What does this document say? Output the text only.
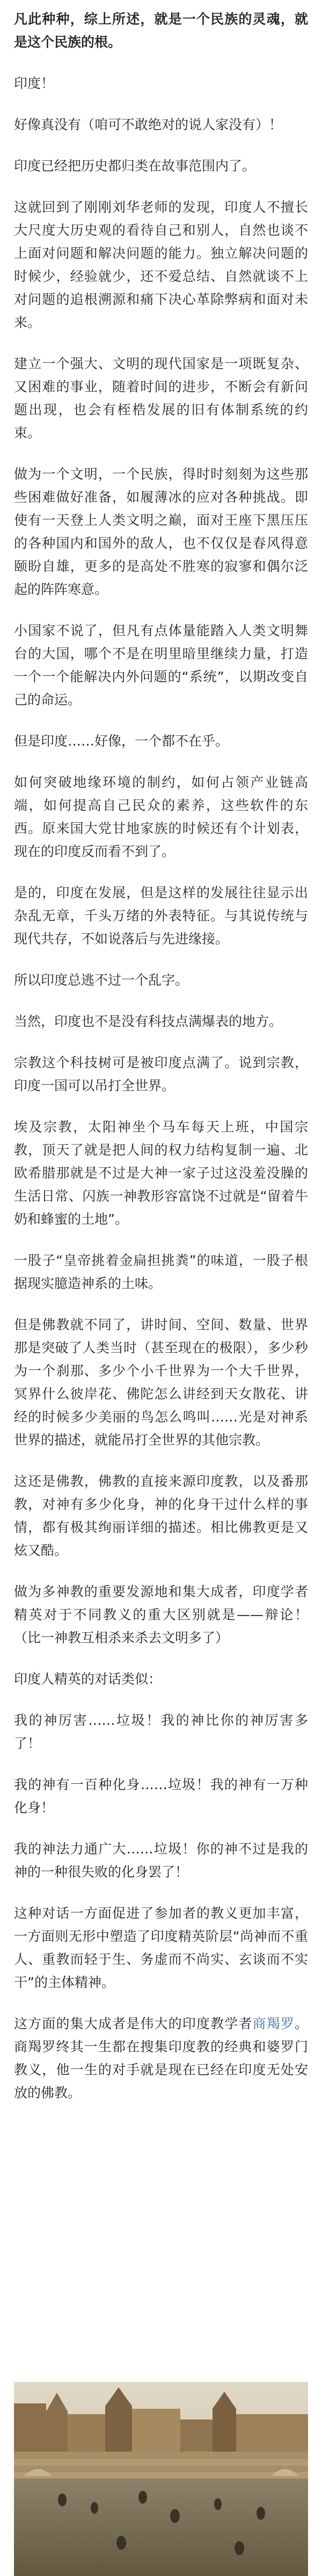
凡此种种，综上所述，就是一个民族的灵魂，就是这个民族的根。

印度！

好像真没有（咱可不敢绝对的说人家没有）！

印度已经把历史都归类在故事范围内了。

这就回到了刚刚刘华老师的发现，印度人不擅长大尺度大历史观的看待自己和别人，自然也谈不上面对问题和解决问题的能力。独立解决问题的时候少，经验就少，还不爱总结、自然就谈不上对问题的追根溯源和痛下决心革除弊病和面对未来。

建立一个强大、文明的现代国家是一项既复杂、又困难的事业，随着时间的进步，不断会有新问题出现，也会有桎梏发展的旧有体制系统的约束。

做为一个文明，一个民族，得时时刻刻为这些那些困难做好准备，如履薄冰的应对各种挑战。即使有一天登上人类文明之巅，面对王座下黑压压的各种国内和国外的敌人，也不仅仅是春风得意颐盼自雄，更多的是高处不胜寒的寂寥和偶尔泛起的阵阵寒意。

小国家不说了，但凡有点体量能踏入人类文明舞台的大国，哪个不是在明里暗里继续力量，打造一个一个能解决内外问题的“系统”，以期改变自己的命运。

但是印度……好像，一个都不在乎。

如何突破地缘环境的制约，如何占领产业链高端，如何提高自己民众的素养，这些软件的东西。原来国大党甘地家族的时候还有个计划表，现在的印度反而看不到了。

是的，印度在发展，但是这样的发展往往显示出杂乱无章，千头万绪的外表特征。与其说传统与现代共存，不如说落后与先进缘接。

所以印度总逃不过一个乱字。

当然，印度也不是没有科技点满爆表的地方。

宗教这个科技树可是被印度点满了。说到宗教，印度一国可以吊打全世界。

埃及宗教，太阳神坐个马车每天上班，中国宗教，顶天了就是把人间的权力结构复制一遍、北欧希腊那就是不过是大神一家子过这没羞没臊的生活日常、闪族一神教形容富饶不过就是“留着牛奶和蜂蜜的土地”。

一股子“皇帝挑着金扁担挑粪”的味道，一股子根据现实臆造神系的土味。

但是佛教就不同了，讲时间、空间、数量、世界那是突破了人类当时（甚至现在的极限），多少秒为一个刹那、多少个小千世界为一个大千世界，冥界什么彼岸花、佛陀怎么讲经到天女散花、讲经的时候多少美丽的鸟怎么鸣叫……光是对神系世界的描述，就能吊打全世界的其他宗教。

这还是佛教，佛教的直接来源印度教，以及番那教，对神有多少化身，神的化身干过什么样的事情，都有极其绚丽详细的描述。相比佛教更是又炫又酷。

做为多神教的重要发源地和集大成者，印度学者精英对于不同教义的重大区别就是——辩论！（比一神教互相杀来杀去文明多了）

印度人精英的对话类似：

我的神厉害……垃圾！我的神比你的神厉害多了！

我的神有一百种化身……垃圾！我的神有一万种化身！

我的神法力通广大……垃圾！你的神不过是我的神的一种很失败的化身罢了！

这种对话一方面促进了参加者的教义更加丰富，一方面则无形中塑造了印度精英阶层“尚神而不重人、重教而轻于生、务虚而不尚实、玄谈而不实干”的主体精神。

这方面的集大成者是伟大的印度教学者商羯罗。商羯罗终其一生都在搜集印度教的经典和婆罗门教义，他一生的对手就是现在已经在印度无处安放的佛教。
